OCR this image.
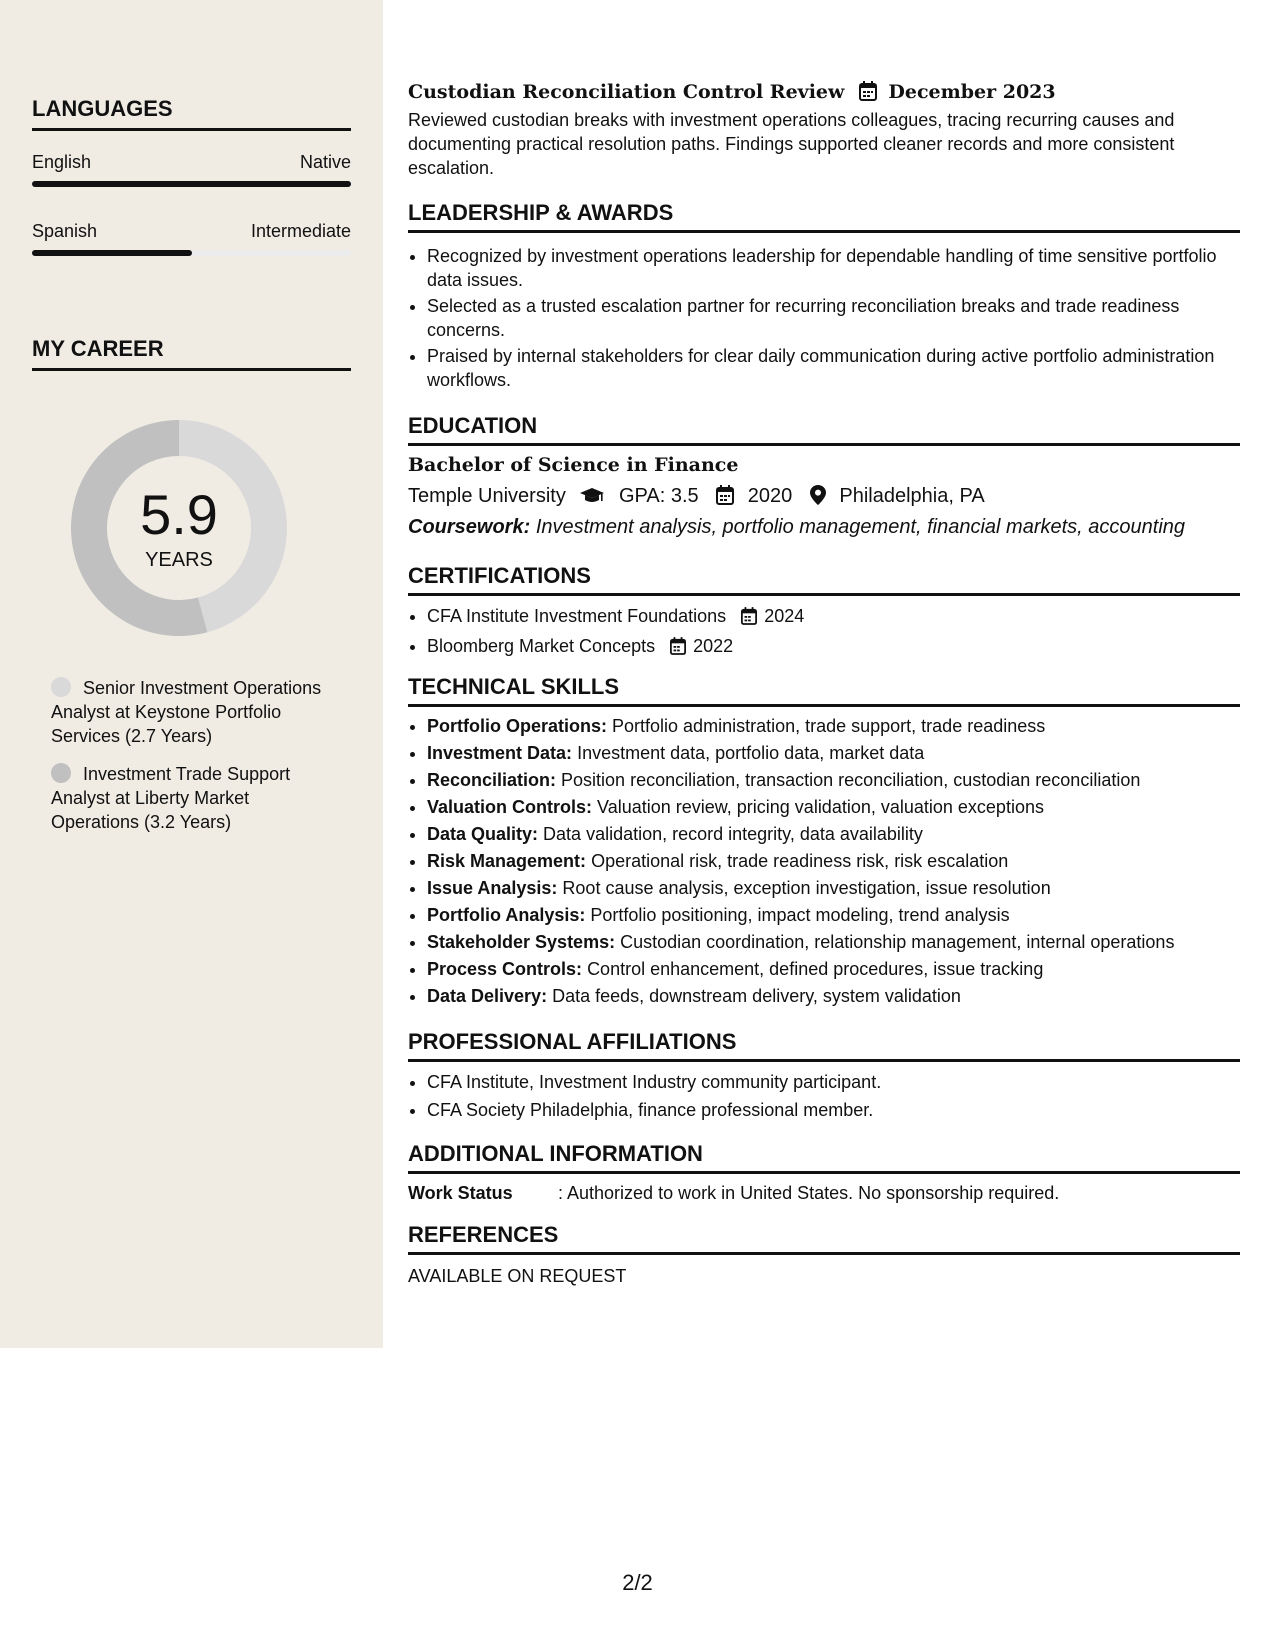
LANGUAGES
English	Native
Spanish	Intermediate
MY CAREER
5.9
YEARS
Senior Investment Operations Analyst at Keystone Portfolio Services (2.7 Years)
Investment Trade Support Analyst at Liberty Market Operations (3.2 Years)
Custodian Reconciliation Control Review December 2023
Reviewed custodian breaks with investment operations colleagues, tracing recurring causes and documenting practical resolution paths. Findings supported cleaner records and more consistent escalation.
LEADERSHIP & AWARDS
• Recognized by investment operations leadership for dependable handling of time sensitive portfolio data issues.
• Selected as a trusted escalation partner for recurring reconciliation breaks and trade readiness concerns.
• Praised by internal stakeholders for clear daily communication during active portfolio administration workflows.
EDUCATION
Bachelor of Science in Finance
Temple University	GPA: 3.5 2020 Philadelphia, PA
Coursework: Investment analysis, portfolio management, financial markets, accounting
CERTIFICATIONS
• CFA Institute Investment Foundations 2024
• Bloomberg Market Concepts 2022
TECHNICAL SKILLS
• Portfolio Operations: Portfolio administration, trade support, trade readiness
• Investment Data: Investment data, portfolio data, market data
• Reconciliation: Position reconciliation, transaction reconciliation, custodian reconciliation
• Valuation Controls: Valuation review, pricing validation, valuation exceptions
• Data Quality: Data validation, record integrity, data availability
• Risk Management: Operational risk, trade readiness risk, risk escalation
• Issue Analysis: Root cause analysis, exception investigation, issue resolution
• Portfolio Analysis: Portfolio positioning, impact modeling, trend analysis
• Stakeholder Systems: Custodian coordination, relationship management, internal operations
• Process Controls: Control enhancement, defined procedures, issue tracking
• Data Delivery: Data feeds, downstream delivery, system validation
PROFESSIONAL AFFILIATIONS
• CFA Institute, Investment Industry community participant.
• CFA Society Philadelphia, finance professional member.
ADDITIONAL INFORMATION
Work Status	: Authorized to work in United States. No sponsorship required.
REFERENCES
AVAILABLE ON REQUEST
2/2
